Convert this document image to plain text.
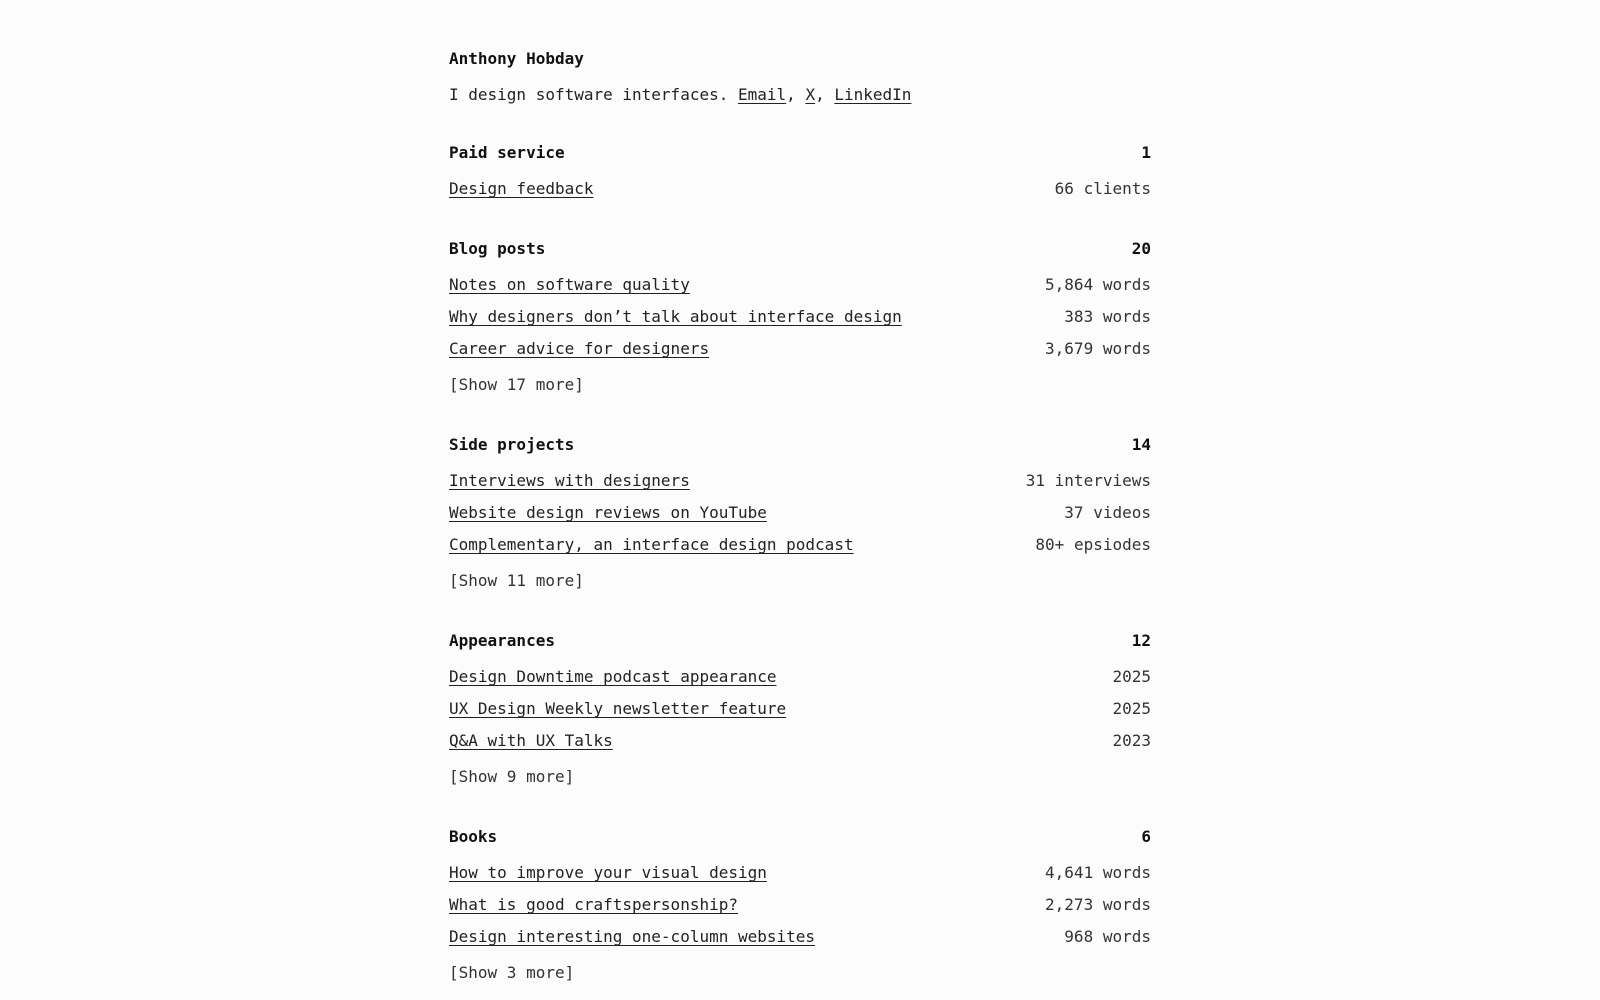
Anthony Hobday
I design software interfaces. Email, X, LinkedIn
Paid service	1
Design feedback	66 clients
Blog posts	20
Notes on software quality	5,864 words
Why designers don’t talk about interface design	383 words
Career advice for designers	3,679 words
[Show 17 more]
Side projects	14
Interviews with designers	31 interviews
Website design reviews on YouTube	37 videos
Complementary, an interface design podcast	80+ epsiodes
[Show 11 more]
Appearances	12
Design Downtime podcast appearance	2025
UX Design Weekly newsletter feature	2025
Q&A with UX Talks	2023
[Show 9 more]
Books	6
How to improve your visual design	4,641 words
What is good craftspersonship?	2,273 words
Design interesting one-column websites	968 words
[Show 3 more]
